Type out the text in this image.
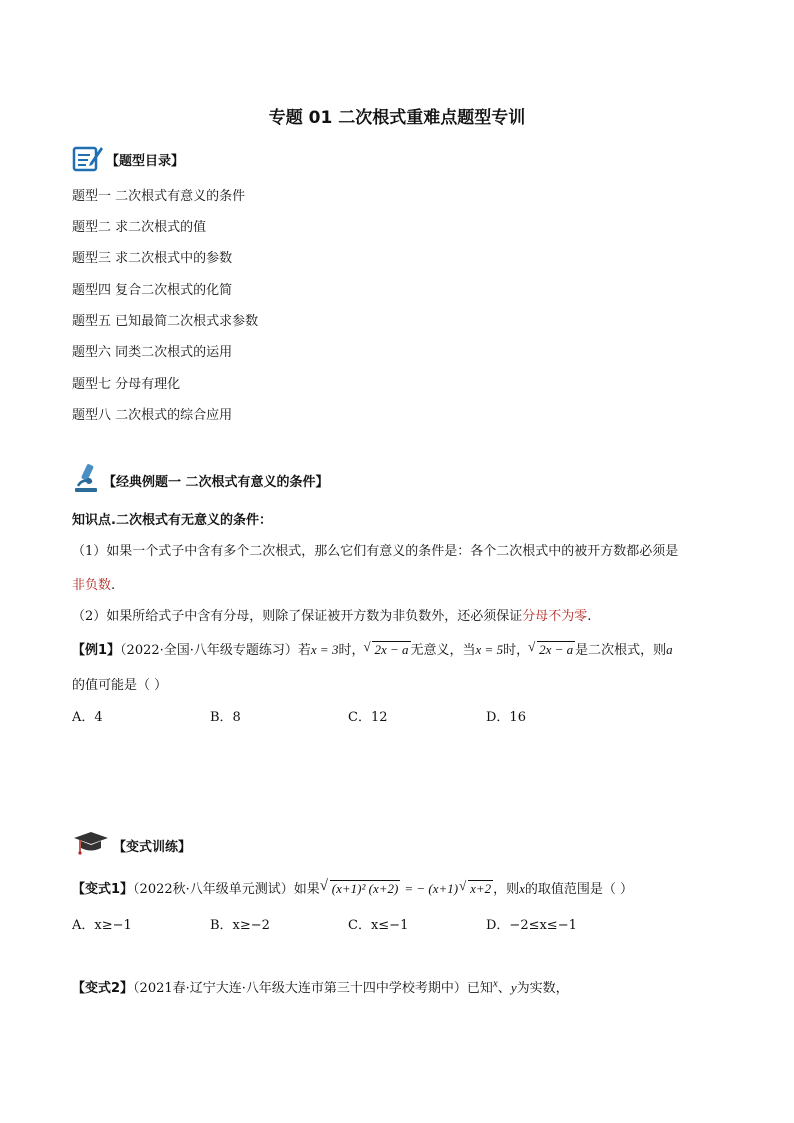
专题 01 二次根式重难点题型专训
【题型目录】
题型一 二次根式有意义的条件
题型二 求二次根式的值
题型三 求二次根式中的参数
题型四 复合二次根式的化简
题型五 已知最简二次根式求参数
题型六 同类二次根式的运用
题型七 分母有理化
题型八 二次根式的综合应用
【经典例题一 二次根式有意义的条件】
知识点.二次根式有无意义的条件：
（1）如果一个式子中含有多个二次根式，那么它们有意义的条件是：各个二次根式中的被开方数都必须是
非负数.
（2）如果所给式子中含有分母，则除了保证被开方数为非负数外，还必须保证分母不为零.
【例1】（2022·全国·八年级专题练习）若x = 3时， √ 2x − a 无意义，当x = 5时， √ 2x − a 是二次根式，则a
的值可能是（ ）
A．4	B．8	C．12	D．16
【变式训练】
【变式1】（2022秋·八年级单元测试）如果 √ (x+1)² (x+2) = − (x+1) √ x+2 ，则x的取值范围是（ ）
A．x≥−1	B．x≥−2	C．x≤−1	D．−2≤x≤−1
【变式2】（2021春·辽宁大连·八年级大连市第三十四中学校考期中）已知$^x$、y为实数，
